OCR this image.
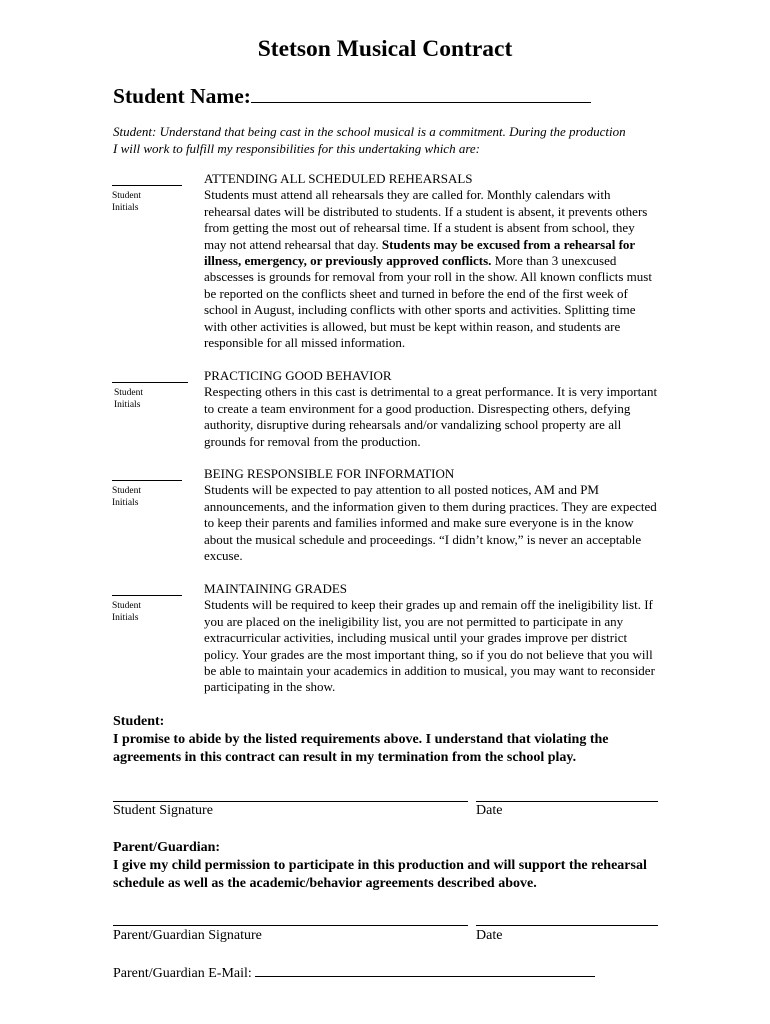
Stetson Musical Contract
Student Name:
Student: Understand that being cast in the school musical is a commitment. During the production I will work to fulfill my responsibilities for this undertaking which are:
Student
Initials
ATTENDING ALL SCHEDULED REHEARSALS
Students must attend all rehearsals they are called for. Monthly calendars with rehearsal dates will be distributed to students. If a student is absent, it prevents others from getting the most out of rehearsal time. If a student is absent from school, they may not attend rehearsal that day. Students may be excused from a rehearsal for illness, emergency, or previously approved conflicts. More than 3 unexcused abscesses is grounds for removal from your roll in the show. All known conflicts must be reported on the conflicts sheet and turned in before the end of the first week of school in August, including conflicts with other sports and activities. Splitting time with other activities is allowed, but must be kept within reason, and students are responsible for all missed information.
Student
Initials
PRACTICING GOOD BEHAVIOR
Respecting others in this cast is detrimental to a great performance. It is very important to create a team environment for a good production. Disrespecting others, defying authority, disruptive during rehearsals and/or vandalizing school property are all grounds for removal from the production.
Student
Initials
BEING RESPONSIBLE FOR INFORMATION
Students will be expected to pay attention to all posted notices, AM and PM announcements, and the information given to them during practices. They are expected to keep their parents and families informed and make sure everyone is in the know about the musical schedule and proceedings. “I didn’t know,” is never an acceptable excuse.
Student
Initials
MAINTAINING GRADES
Students will be required to keep their grades up and remain off the ineligibility list. If you are placed on the ineligibility list, you are not permitted to participate in any extracurricular activities, including musical until your grades improve per district policy. Your grades are the most important thing, so if you do not believe that you will be able to maintain your academics in addition to musical, you may want to reconsider participating in the show.
Student:
I promise to abide by the listed requirements above. I understand that violating the agreements in this contract can result in my termination from the school play.
Student Signature	Date
Parent/Guardian:
I give my child permission to participate in this production and will support the rehearsal schedule as well as the academic/behavior agreements described above.
Parent/Guardian Signature	Date
Parent/Guardian E-Mail:
